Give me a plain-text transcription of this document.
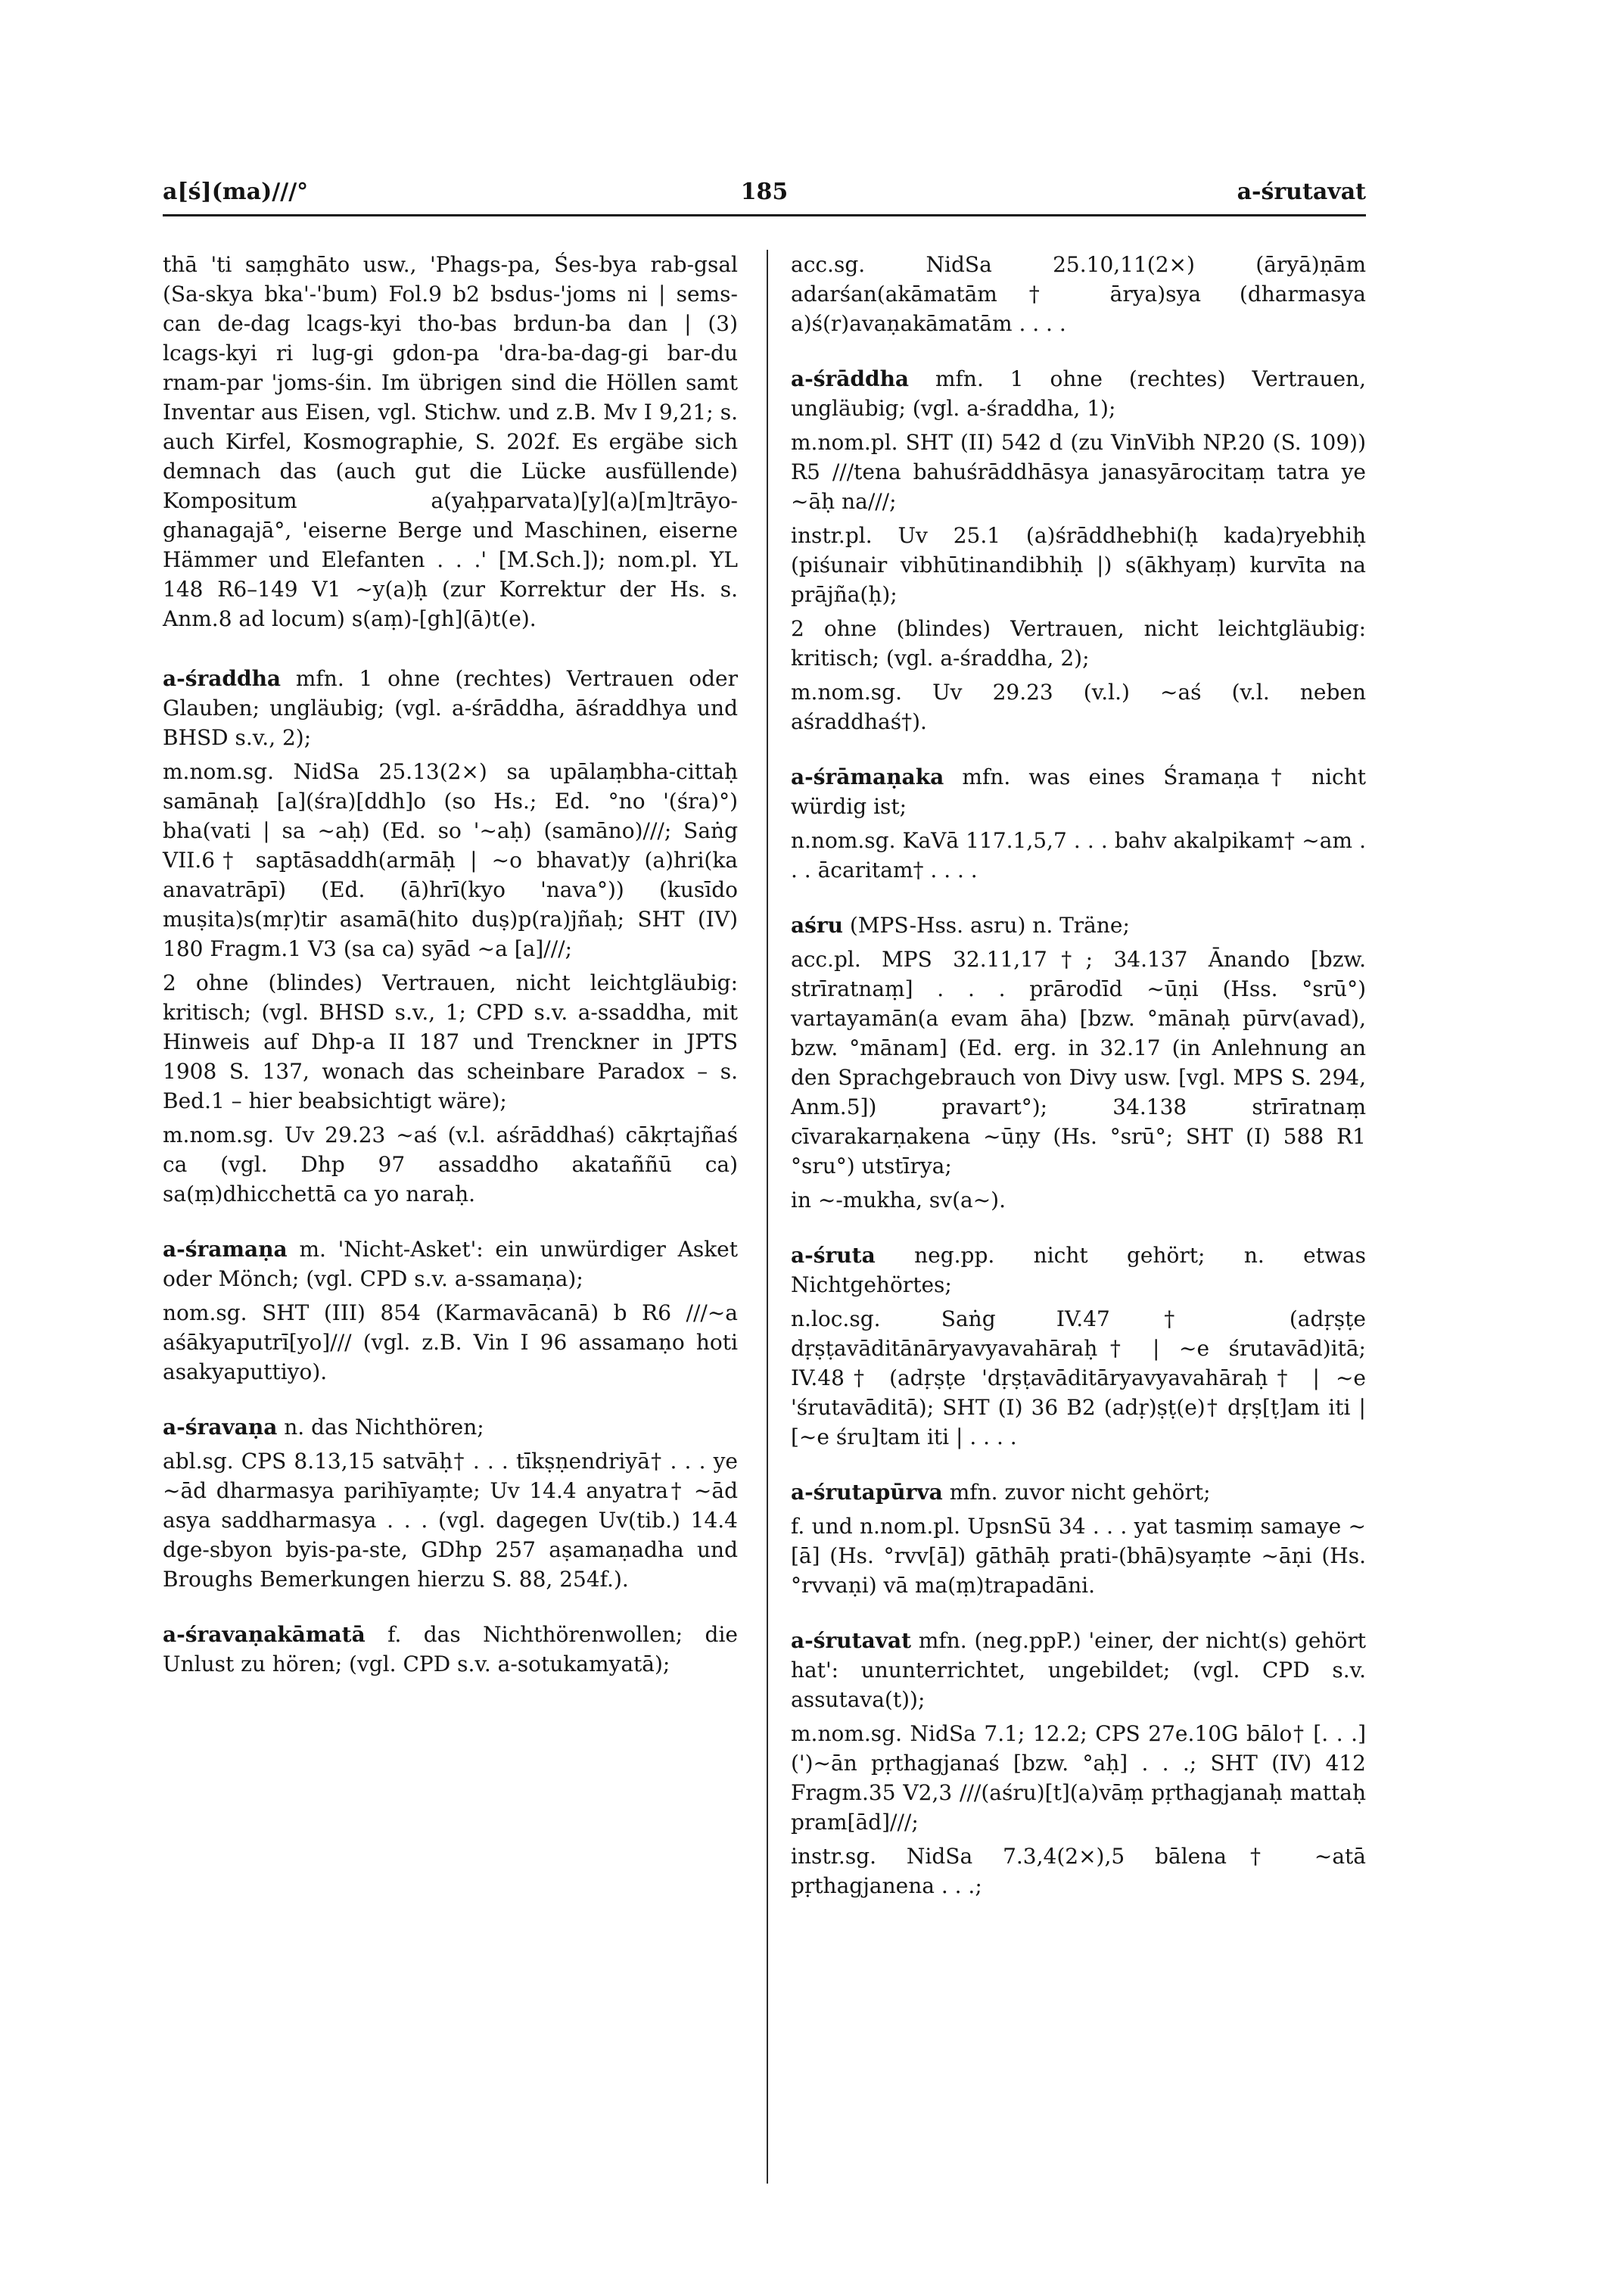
a[ś](ma)///°	185	a-śrutavat

thā 'ti saṃghāto usw., 'Phags-pa, Śes-bya rab-gsal (Sa-skya bka'-'bum) Fol.9 b2 bsdus-'joms ni | sems-can de-dag lcags-kyi tho-bas brdun-ba dan | (3) lcags-kyi ri lug-gi gdon-pa 'dra-ba-dag-gi bar-du rnam-par 'joms-śin. Im übrigen sind die Höllen samt Inventar aus Eisen, vgl. Stichw. und z.B. Mv I 9,21; s. auch Kirfel, Kosmographie, S. 202f. Es ergäbe sich demnach das (auch gut die Lücke ausfüllende) Kompositum a(yaḥparvata)[y](a)[m]trāyo-ghanagajā°, 'eiserne Berge und Maschinen, eiserne Hämmer und Elefanten . . .' [M.Sch.]); nom.pl. YL 148 R6–149 V1 ~y(a)ḥ (zur Korrektur der Hs. s. Anm.8 ad locum) s(aṃ)-[gh](ā)t(e).

a-śraddha mfn. 1 ohne (rechtes) Vertrauen oder Glauben; ungläubig; (vgl. a-śrāddha, āśraddhya und BHSD s.v., 2);

m.nom.sg. NidSa 25.13(2×) sa upālaṃbha-cittaḥ samānaḥ [a](śra)[ddh]o (so Hs.; Ed. °no '(śra)°) bha(vati | sa ~aḥ) (Ed. so '~aḥ) (samāno)///; Saṅg VII.6† saptāsaddh(armāḥ | ~o bhavat)y (a)hri(ka anavatrāpī) (Ed. (ā)hrī(kyo 'nava°)) (kusīdo muṣita)s(mṛ)tir asamā(hito duṣ)p(ra)jñaḥ; SHT (IV) 180 Fragm.1 V3 (sa ca) syād ~a [a]///;

2 ohne (blindes) Vertrauen, nicht leichtgläubig: kritisch; (vgl. BHSD s.v., 1; CPD s.v. a-ssaddha, mit Hinweis auf Dhp-a II 187 und Trenckner in JPTS 1908 S. 137, wonach das scheinbare Paradox – s. Bed.1 – hier beabsichtigt wäre);

m.nom.sg. Uv 29.23 ~aś (v.l. aśrāddhaś) cākṛtajñaś ca (vgl. Dhp 97 assaddho akataññū ca) sa(ṃ)dhicchettā ca yo naraḥ.

a-śramaṇa m. 'Nicht-Asket': ein unwürdiger Asket oder Mönch; (vgl. CPD s.v. a-ssamaṇa);

nom.sg. SHT (III) 854 (Karmavācanā) b R6 ///~a aśākyaputrī[yo]/// (vgl. z.B. Vin I 96 assamaṇo hoti asakyaputtiyo).

a-śravaṇa n. das Nichthören;

abl.sg. CPS 8.13,15 satvāḥ† . . . tīkṣṇendriyā† . . . ye ~ād dharmasya parihīyaṃte; Uv 14.4 anyatra† ~ād asya saddharmasya . . . (vgl. dagegen Uv(tib.) 14.4 dge-sbyon byis-pa-ste, GDhp 257 aṣamaṇadha und Broughs Bemerkungen hierzu S. 88, 254f.).

a-śravaṇakāmatā f. das Nichthörenwollen; die Unlust zu hören; (vgl. CPD s.v. a-sotukamyatā);

acc.sg. NidSa 25.10,11(2×) (āryā)ṇām adarśan(akāmatām† ārya)sya (dharmasya a)ś(r)avaṇakāmatām . . . .

a-śrāddha mfn. 1 ohne (rechtes) Vertrauen, ungläubig; (vgl. a-śraddha, 1);

m.nom.pl. SHT (II) 542 d (zu VinVibh NP.20 (S. 109)) R5 ///tena bahuśrāddhāsya janasyārocitaṃ tatra ye ~āḥ na///;

instr.pl. Uv 25.1 (a)śrāddhebhi(ḥ kada)ryebhiḥ (piśunair vibhūtinandibhiḥ |) s(ākhyaṃ) kurvīta na prājña(ḥ);

2 ohne (blindes) Vertrauen, nicht leichtgläubig: kritisch; (vgl. a-śraddha, 2);

m.nom.sg. Uv 29.23 (v.l.) ~aś (v.l. neben aśraddhaś†).

a-śrāmaṇaka mfn. was eines Śramaṇa† nicht würdig ist;

n.nom.sg. KaVā 117.1,5,7 . . . bahv akalpikam† ~am . . . ācaritam† . . . .

aśru (MPS-Hss. asru) n. Träne;

acc.pl. MPS 32.11,17†; 34.137 Ānando [bzw. strīratnaṃ] . . . prārodīd ~ūṇi (Hss. °srū°) vartayamān(a evam āha) [bzw. °mānaḥ pūrv(avad), bzw. °mānam] (Ed. erg. in 32.17 (in Anlehnung an den Sprachgebrauch von Divy usw. [vgl. MPS S. 294, Anm.5]) pravart°); 34.138 strīratnaṃ cīvarakarṇakena ~ūṇy (Hs. °srū°; SHT (I) 588 R1 °sru°) utstīrya;

in ~-mukha, sv(a~).

a-śruta neg.pp. nicht gehört; n. etwas Nichtgehörtes;

n.loc.sg. Saṅg IV.47† (adṛṣṭe dṛṣṭavāditānāryavyavahāraḥ† | ~e śrutavād)itā; IV.48† (adṛṣṭe 'dṛṣṭavāditāryavyavahāraḥ† | ~e 'śrutavāditā); SHT (I) 36 B2 (adṛ)ṣṭ(e)† dṛṣ[ṭ]am iti | [~e śru]tam iti | . . . .

a-śrutapūrva mfn. zuvor nicht gehört;

f. und n.nom.pl. UpsnSū 34 . . . yat tasmiṃ samaye ~[ā] (Hs. °rvv[ā]) gāthāḥ prati-(bhā)syaṃte ~āṇi (Hs. °rvvaṇi) vā ma(ṃ)trapadāni.

a-śrutavat mfn. (neg.ppP.) 'einer, der nicht(s) gehört hat': ununterrichtet, ungebildet; (vgl. CPD s.v. assutava(t));

m.nom.sg. NidSa 7.1; 12.2; CPS 27e.10G bālo† [. . .] (')~ān pṛthagjanaś [bzw. °aḥ] . . .; SHT (IV) 412 Fragm.35 V2,3 ///(aśru)[t](a)vāṃ pṛthagjanaḥ mattaḥ pram[ād]///;

instr.sg. NidSa 7.3,4(2×),5 bālena† ~atā pṛthagjanena . . .;
